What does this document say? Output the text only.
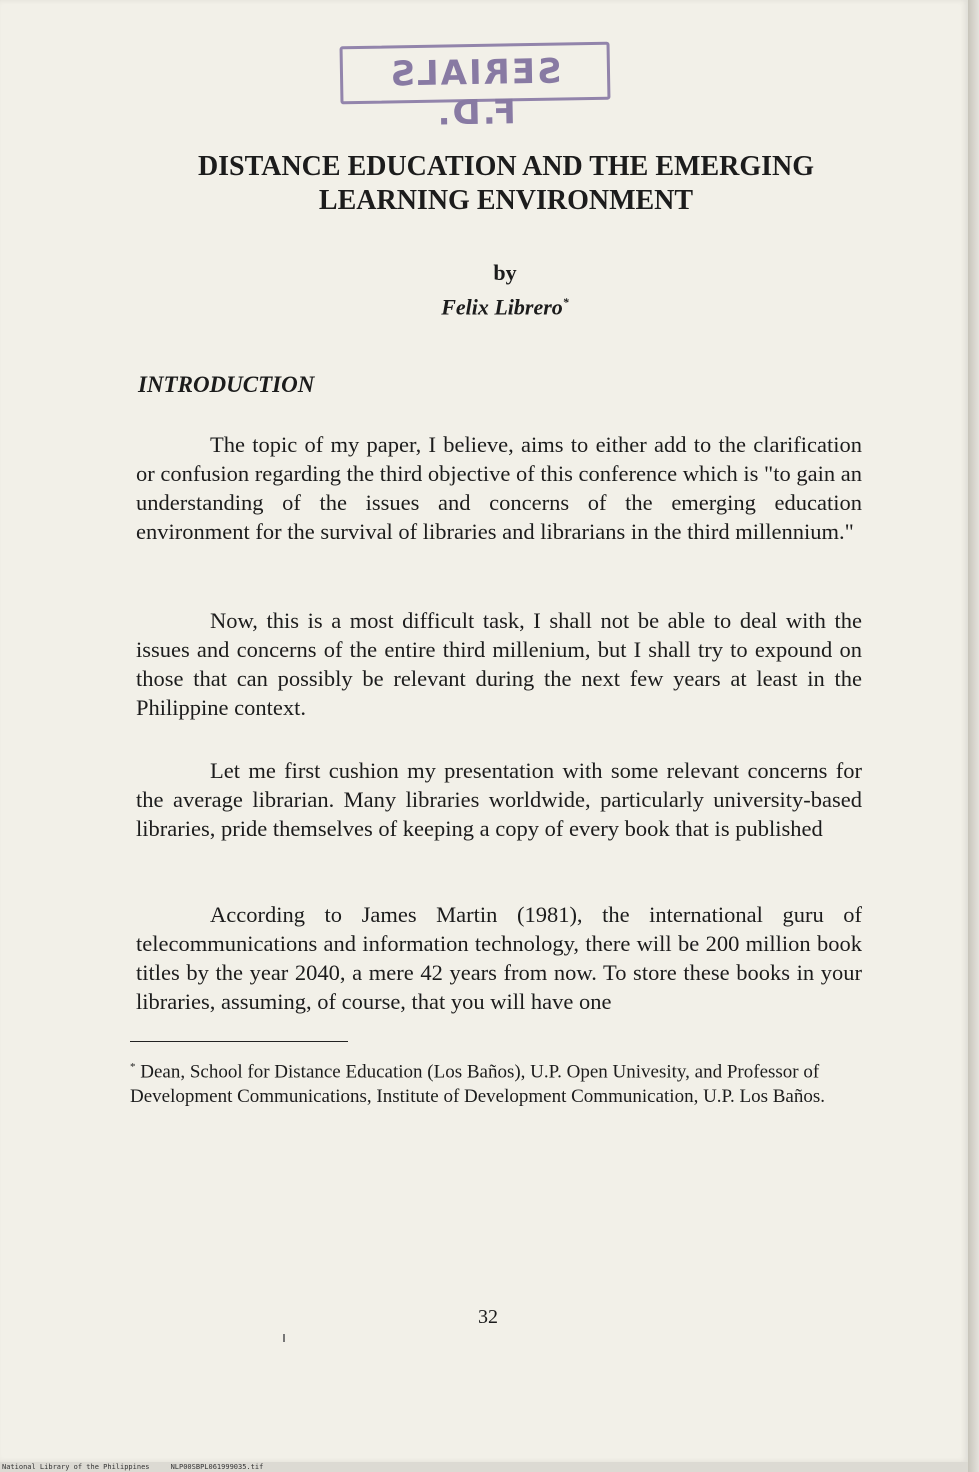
SERIALS F.D.
DISTANCE EDUCATION AND THE EMERGING LEARNING ENVIRONMENT
by
Felix Librero*
INTRODUCTION

The topic of my paper, I believe, aims to either add to the clarification or confusion regarding the third objective of this conference which is "to gain an understanding of the issues and concerns of the emerging education environment for the survival of libraries and librarians in the third millennium."

Now, this is a most difficult task, I shall not be able to deal with the issues and concerns of the entire third millenium, but I shall try to expound on those that can possibly be relevant during the next few years at least in the Philippine context.

Let me first cushion my presentation with some relevant concerns for the average librarian. Many libraries worldwide, particularly university-based libraries, pride themselves of keeping a copy of every book that is published

According to James Martin (1981), the international guru of telecommunications and information technology, there will be 200 million book titles by the year 2040, a mere 42 years from now. To store these books in your libraries, assuming, of course, that you will have one

* Dean, School for Distance Education (Los Baños), U.P. Open Univesity, and Professor of Development Communications, Institute of Development Communication, U.P. Los Baños.

32
National Library of the Philippines     NLP00SBPL061999035.tif
